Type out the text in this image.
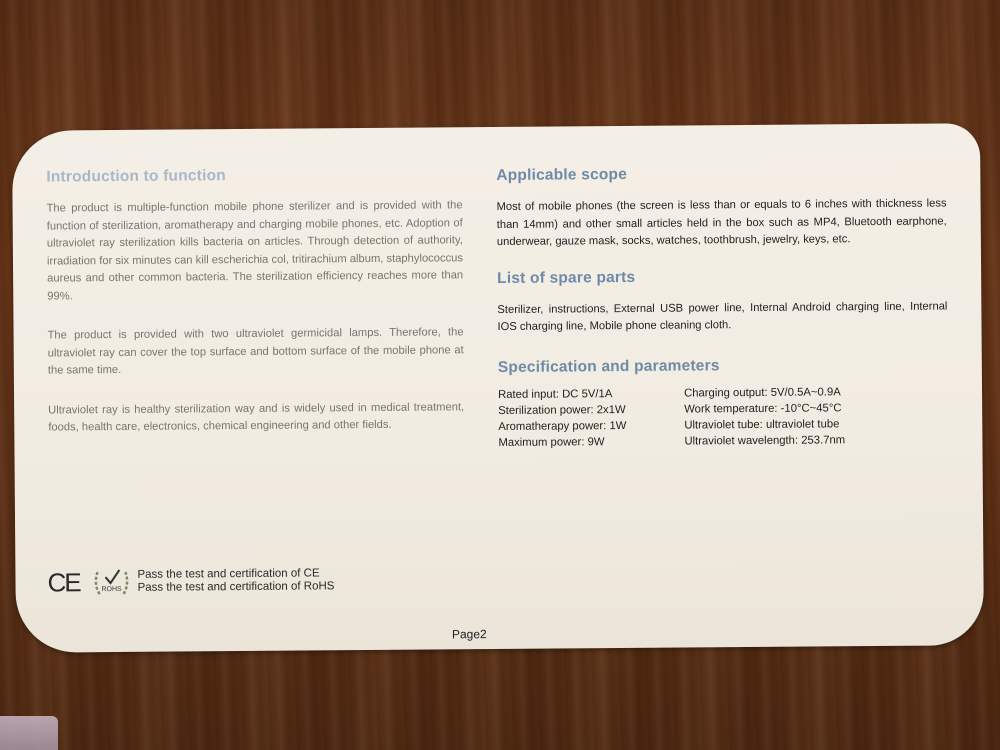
Introduction to function

The product is multiple-function mobile phone sterilizer and is provided with the function of sterilization, aromatherapy and charging mobile phones, etc. Adoption of ultraviolet ray sterilization kills bacteria on articles. Through detection of authority, irradiation for six minutes can kill escherichia col, tritirachium album, staphylococcus aureus and other common bacteria. The sterilization efficiency reaches more than 99%.

The product is provided with two ultraviolet germicidal lamps. Therefore, the ultraviolet ray can cover the top surface and bottom surface of the mobile phone at the same time.

Ultraviolet ray is healthy sterilization way and is widely used in medical treatment, foods, health care, electronics, chemical engineering and other fields.

Applicable scope

Most of mobile phones (the screen is less than or equals to 6 inches with thickness less than 14mm) and other small articles held in the box such as MP4, Bluetooth earphone, underwear, gauze mask, socks, watches, toothbrush, jewelry, keys, etc.

List of spare parts

Sterilizer, instructions, External USB power line, Internal Android charging line, Internal IOS charging line, Mobile phone cleaning cloth.

Specification and parameters
Rated input: DC 5V/1A
Sterilization power: 2x1W
Aromatherapy power: 1W
Maximum power: 9W
Charging output: 5V/0.5A~0.9A
Work temperature: -10°C~45°C
Ultraviolet tube: ultraviolet tube
Ultraviolet wavelength: 253.7nm
CE	ROHS
Pass the test and certification of CE
Pass the test and certification of RoHS
Page2
